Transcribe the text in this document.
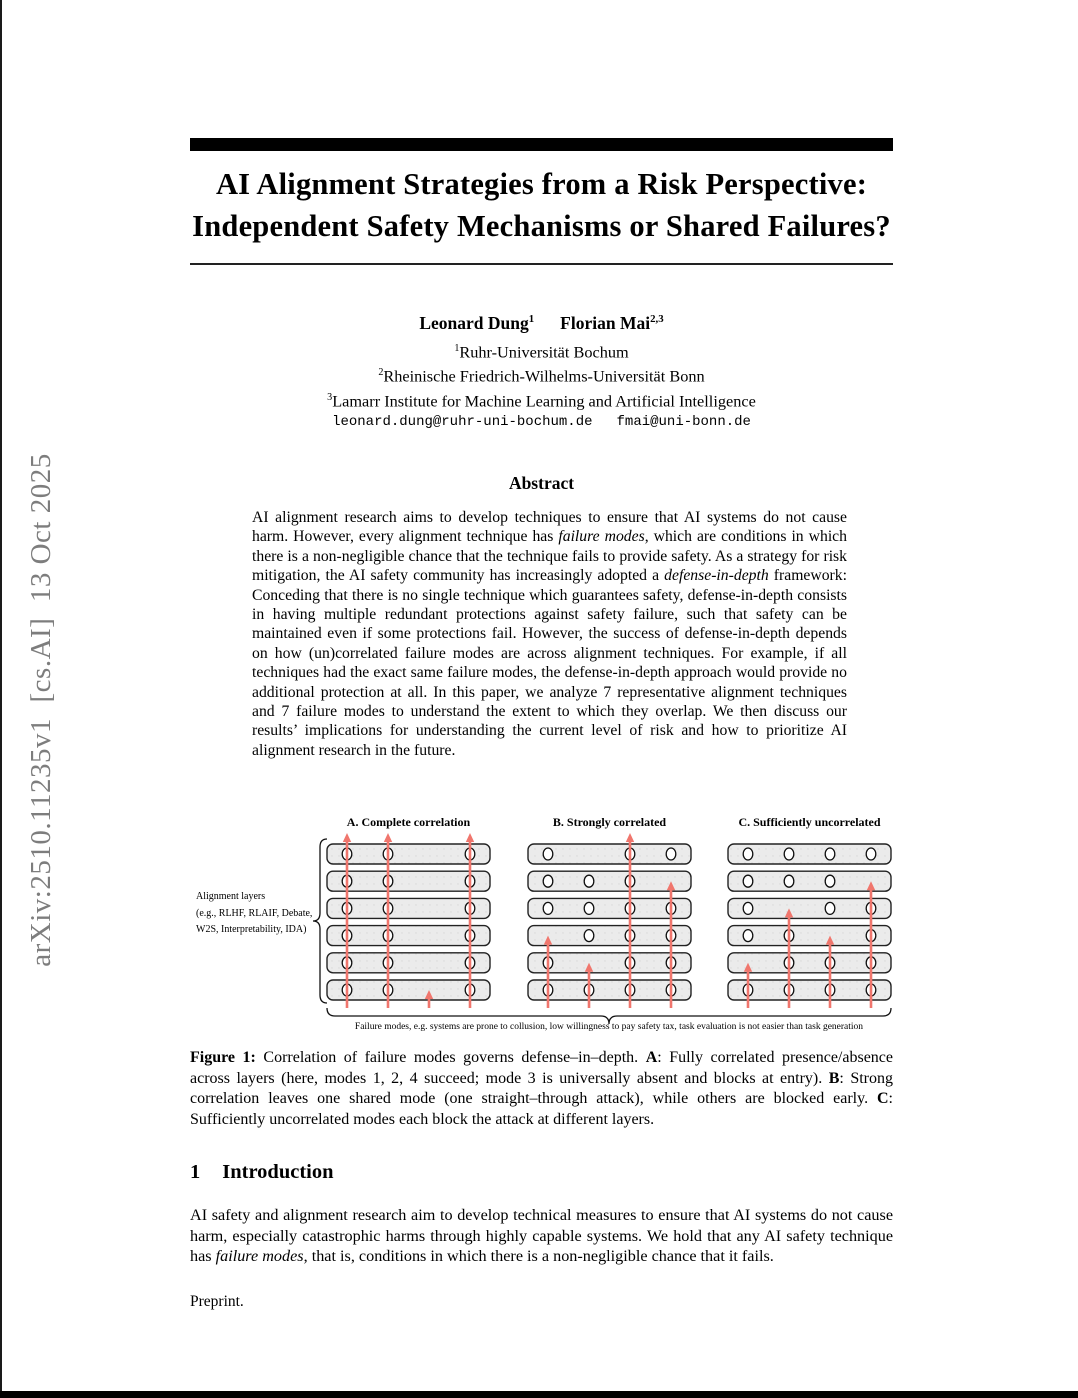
arXiv:2510.11235v1  [cs.AI]  13 Oct 2025
AI Alignment Strategies from a Risk Perspective:
Independent Safety Mechanisms or Shared Failures?
Leonard Dung$^1$ Florian Mai$^{2,3}$
$^1$Ruhr-Universität Bochum
$^2$Rheinische Friedrich-Wilhelms-Universität Bonn
$^3$Lamarr Institute for Machine Learning and Artificial Intelligence
leonard.dung@ruhr-uni-bochum.de fmai@uni-bonn.de
Abstract
AI alignment research aims to develop techniques to ensure that AI systems do not cause harm. However, every alignment technique has failure modes, which are conditions in which there is a non-negligible chance that the technique fails to provide safety. As a strategy for risk mitigation, the AI safety community has increasingly adopted a defense-in-depth framework: Conceding that there is no single technique which guarantees safety, defense-in-depth consists in having multiple redundant protections against safety failure, such that safety can be maintained even if some protections fail. However, the success of defense-in-depth depends on how (un)correlated failure modes are across alignment techniques. For example, if all techniques had the exact same failure modes, the defense-in-depth approach would provide no additional protection at all. In this paper, we analyze 7 representative alignment techniques and 7 failure modes to understand the extent to which they overlap. We then discuss our results’ implications for understanding the current level of risk and how to prioritize AI alignment research in the future.
A. Complete correlation	B. Strongly correlated	C. Sufficiently uncorrelated
Alignment layers
(e.g., RLHF, RLAIF, Debate,
W2S, Interpretability, IDA)
Failure modes, e.g. systems are prone to collusion, low willingness to pay safety tax, task evaluation is not easier than task generation
Figure 1: Correlation of failure modes governs defense–in–depth. A: Fully correlated presence/absence across layers (here, modes 1, 2, 4 succeed; mode 3 is universally absent and blocks at entry). B: Strong correlation leaves one shared mode (one straight–through attack), while others are blocked early. C: Sufficiently uncorrelated modes each block the attack at different layers.
1 Introduction
AI safety and alignment research aim to develop technical measures to ensure that AI systems do not cause harm, especially catastrophic harms through highly capable systems. We hold that any AI safety technique has failure modes, that is, conditions in which there is a non-negligible chance that it fails.
Preprint.
